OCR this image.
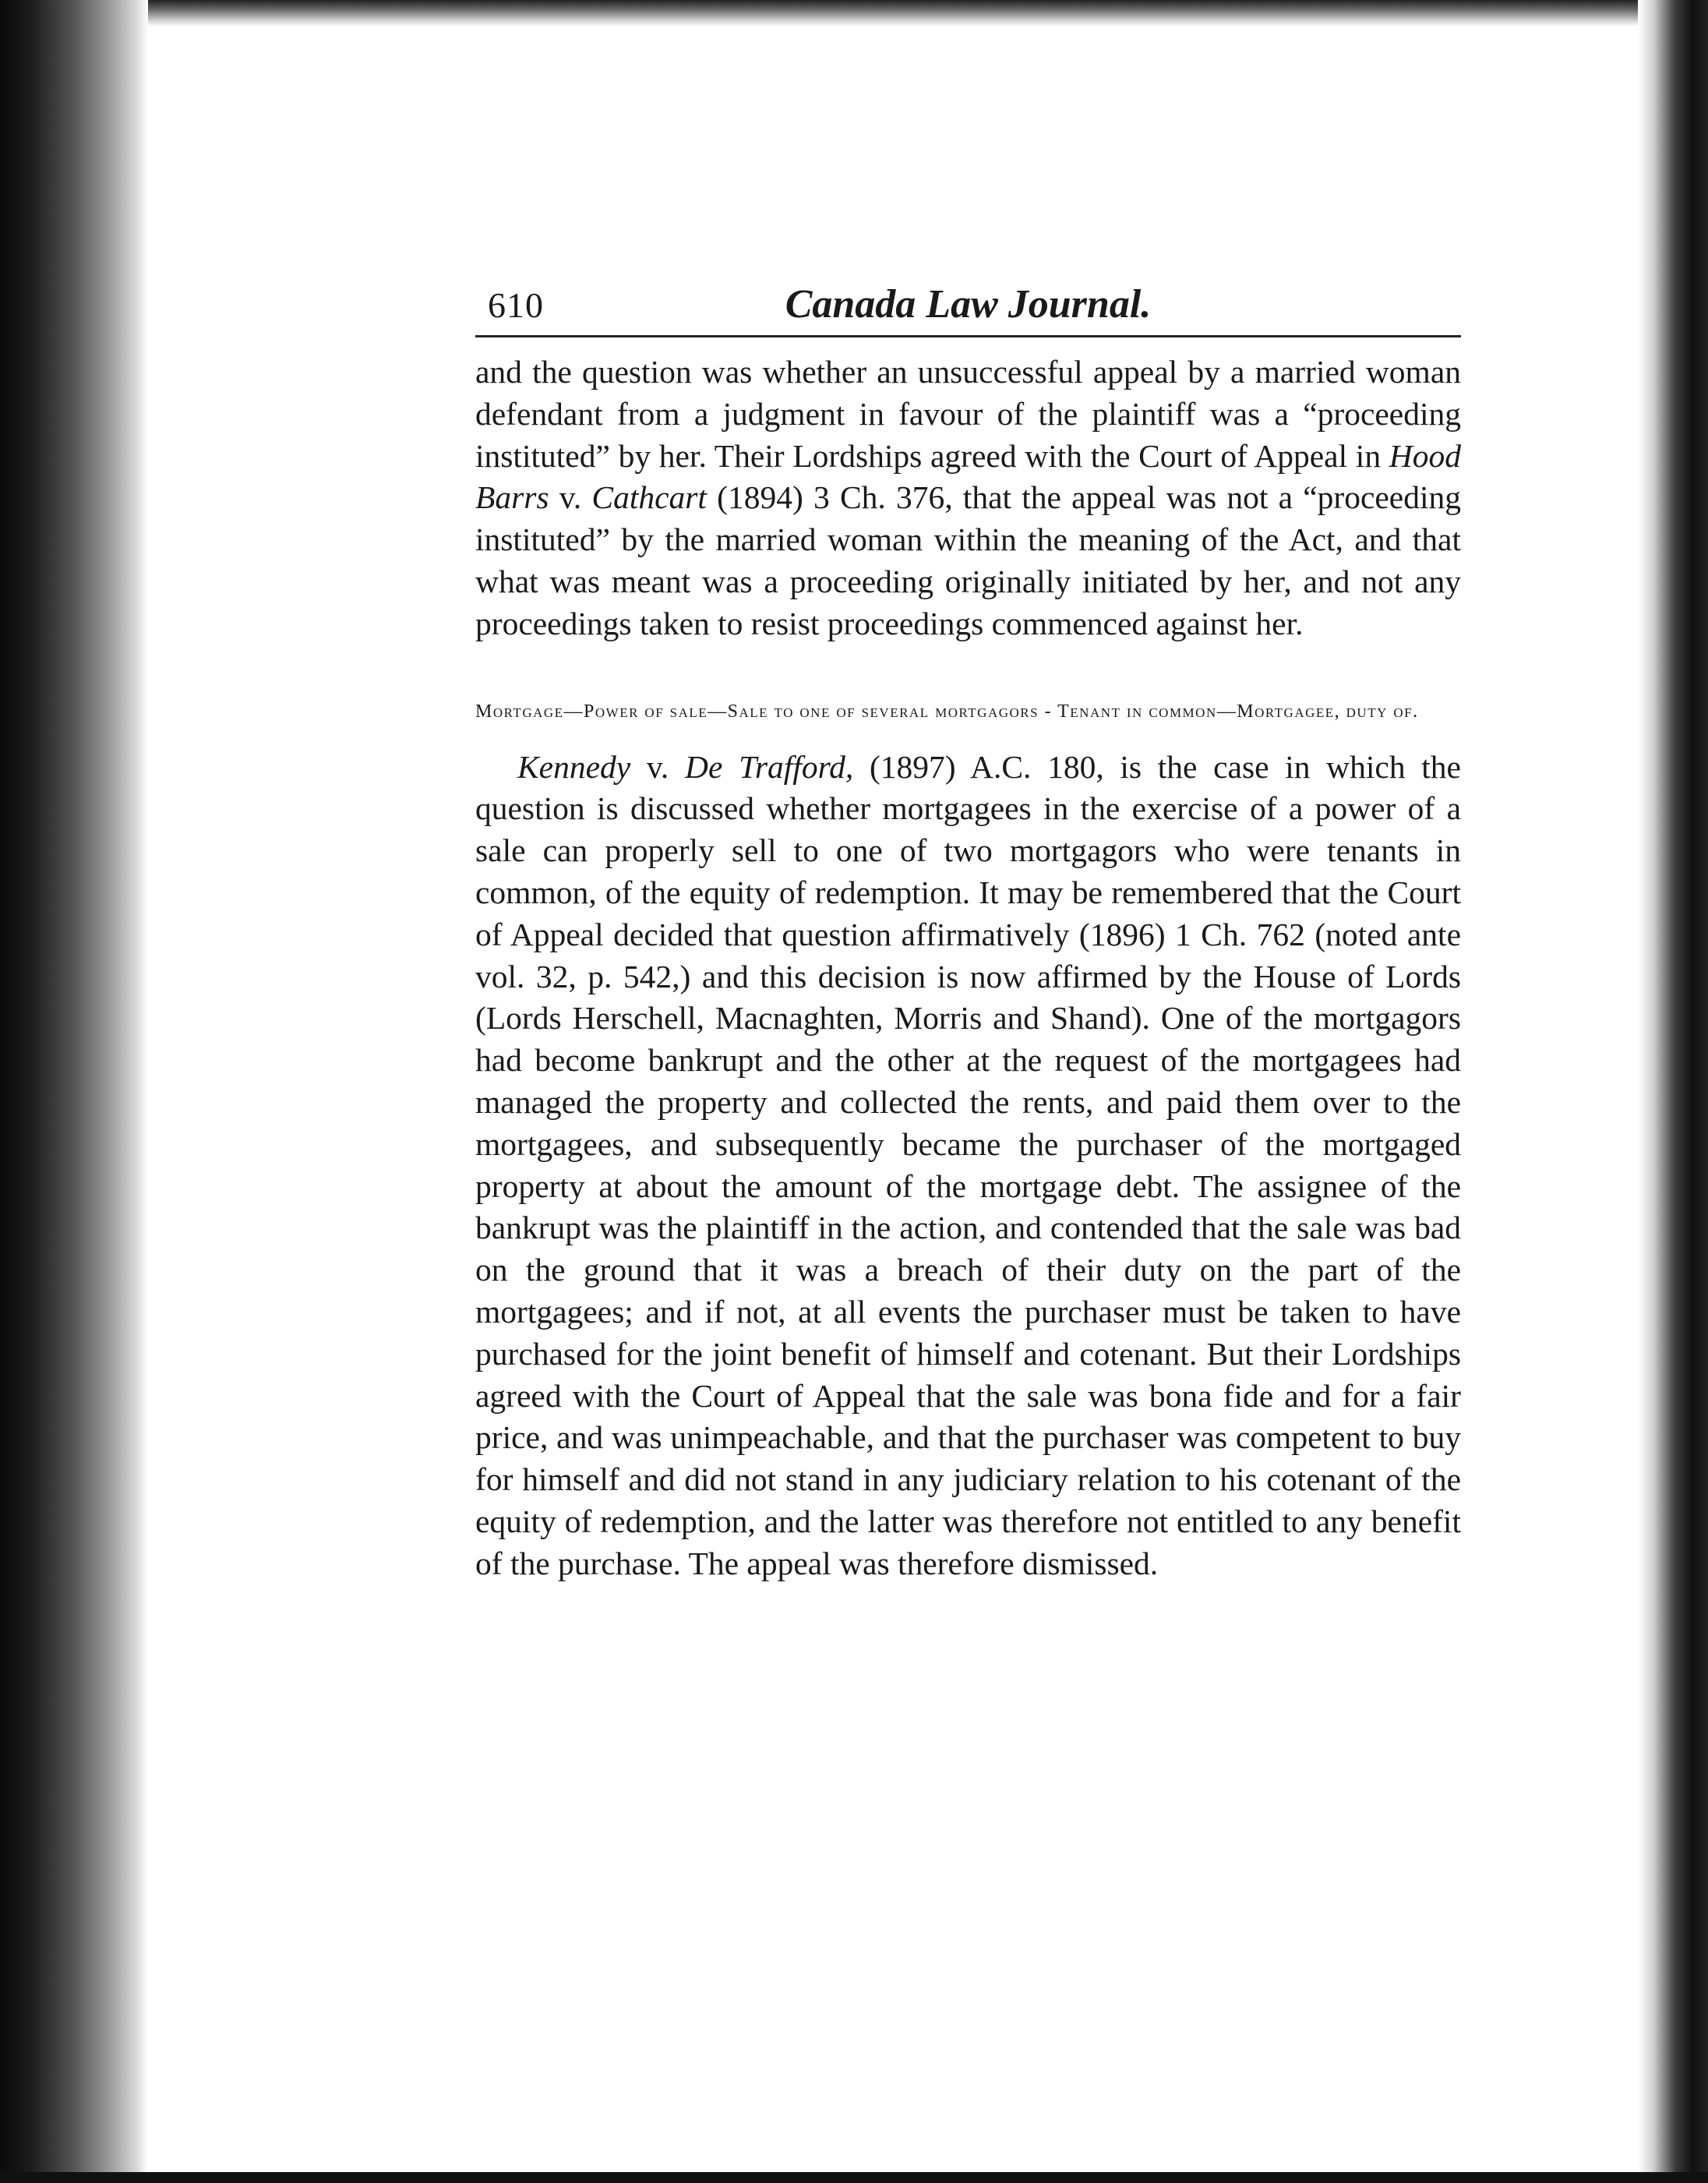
610	Canada Law Journal.

and the question was whether an unsuccessful appeal by a married woman defendant from a judgment in favour of the plaintiff was a “proceeding instituted” by her. Their Lordships agreed with the Court of Appeal in Hood Barrs v. Cathcart (1894) 3 Ch. 376, that the appeal was not a “proceeding instituted” by the married woman within the meaning of the Act, and that what was meant was a proceeding originally initiated by her, and not any proceedings taken to resist proceedings commenced against her.

Mortgage—Power of sale—Sale to one of several mortgagors - Tenant in common—Mortgagee, duty of.

Kennedy v. De Trafford, (1897) A.C. 180, is the case in which the question is discussed whether mortgagees in the exercise of a power of a sale can properly sell to one of two mortgagors who were tenants in common, of the equity of redemption. It may be remembered that the Court of Appeal decided that question affirmatively (1896) 1 Ch. 762 (noted ante vol. 32, p. 542,) and this decision is now affirmed by the House of Lords (Lords Herschell, Macnaghten, Morris and Shand). One of the mortgagors had become bankrupt and the other at the request of the mortgagees had managed the property and collected the rents, and paid them over to the mortgagees, and subsequently became the purchaser of the mortgaged property at about the amount of the mortgage debt. The assignee of the bankrupt was the plaintiff in the action, and contended that the sale was bad on the ground that it was a breach of their duty on the part of the mortgagees; and if not, at all events the purchaser must be taken to have purchased for the joint benefit of himself and cotenant. But their Lordships agreed with the Court of Appeal that the sale was bona fide and for a fair price, and was unimpeachable, and that the purchaser was competent to buy for himself and did not stand in any judiciary relation to his cotenant of the equity of redemption, and the latter was therefore not entitled to any benefit of the purchase. The appeal was therefore dismissed.
